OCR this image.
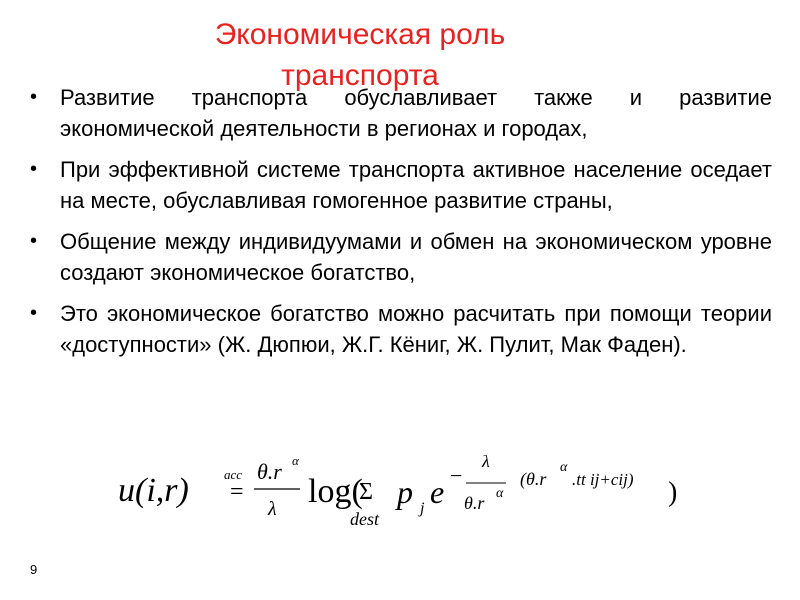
Экономическая роль
транспорта
•	Развитие транспорта обуславливает также и развитие экономической деятельности в регионах и городах,
•	При эффективной системе транспорта активное население оседает на месте, обуславливая гомогенное развитие страны,
•	Общение между индивидуумами и обмен на экономическом уровне создают экономическое богатство,
•	Это экономическое богатство можно расчитать при помощи теории «доступности» (Ж. Дюпюи, Ж.Г. Кёниг, Ж. Пулит, Мак Фаден).
u(i,r)	acc
=
θ.r α
λ log(
Σ
dest
p j e −
λ
θ.r α
(θ.r
α
.tt ij+cij) )
9
